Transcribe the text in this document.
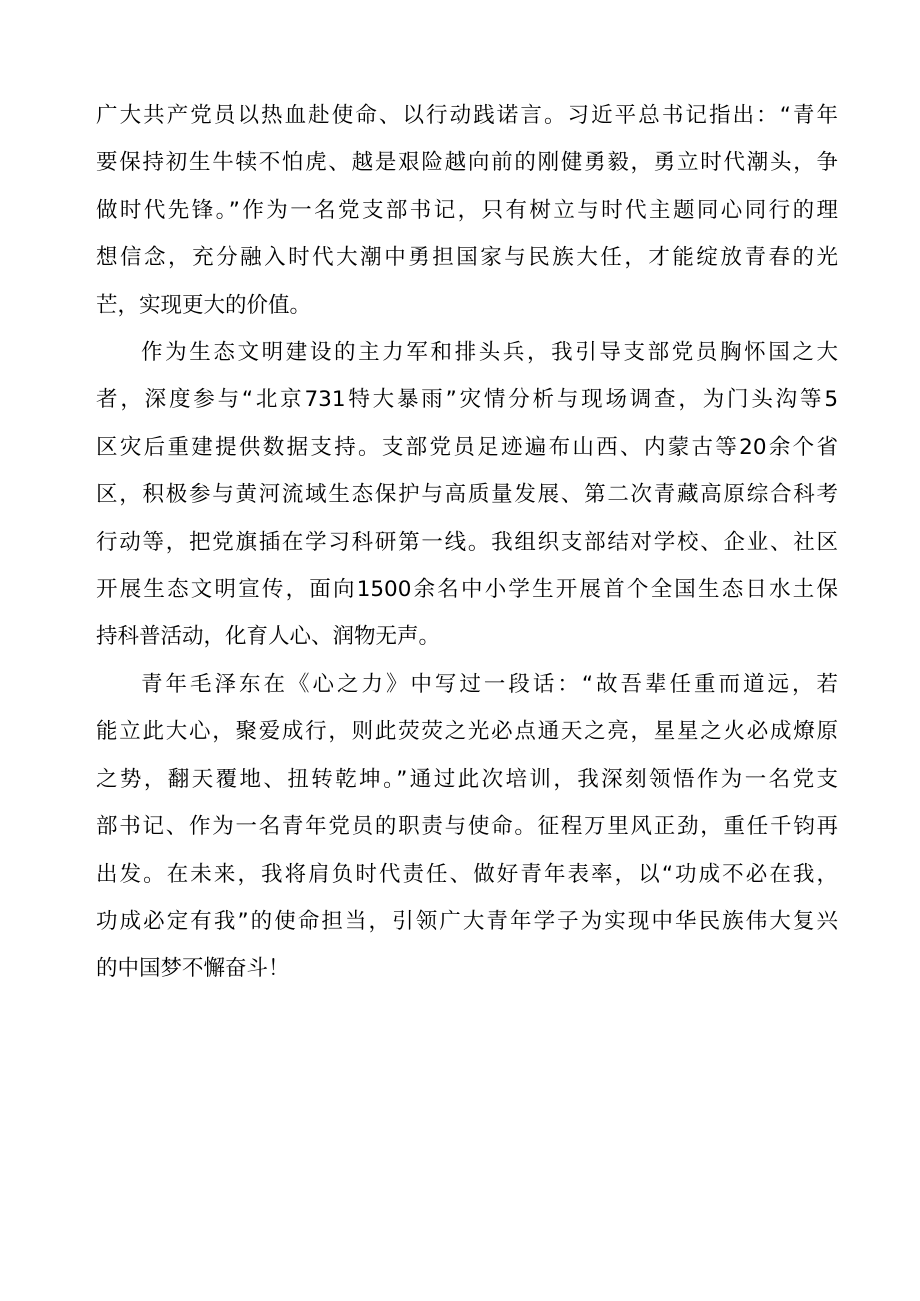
广大共产党员以热血赴使命、以行动践诺言。习近平总书记指出：“青年
要保持初生牛犊不怕虎、越是艰险越向前的刚健勇毅，勇立时代潮头，争
做时代先锋。”作为一名党支部书记，只有树立与时代主题同心同行的理
想信念，充分融入时代大潮中勇担国家与民族大任，才能绽放青春的光
芒，实现更大的价值。
作为生态文明建设的主力军和排头兵，我引导支部党员胸怀国之大
者，深度参与“北京731特大暴雨”灾情分析与现场调查，为门头沟等5
区灾后重建提供数据支持。支部党员足迹遍布山西、内蒙古等20余个省
区，积极参与黄河流域生态保护与高质量发展、第二次青藏高原综合科考
行动等，把党旗插在学习科研第一线。我组织支部结对学校、企业、社区
开展生态文明宣传，面向1500余名中小学生开展首个全国生态日水土保
持科普活动，化育人心、润物无声。
青年毛泽东在《心之力》中写过一段话：“故吾辈任重而道远，若
能立此大心，聚爱成行，则此荧荧之光必点通天之亮，星星之火必成燎原
之势，翻天覆地、扭转乾坤。”通过此次培训，我深刻领悟作为一名党支
部书记、作为一名青年党员的职责与使命。征程万里风正劲，重任千钧再
出发。在未来，我将肩负时代责任、做好青年表率，以“功成不必在我，
功成必定有我”的使命担当，引领广大青年学子为实现中华民族伟大复兴
的中国梦不懈奋斗！
